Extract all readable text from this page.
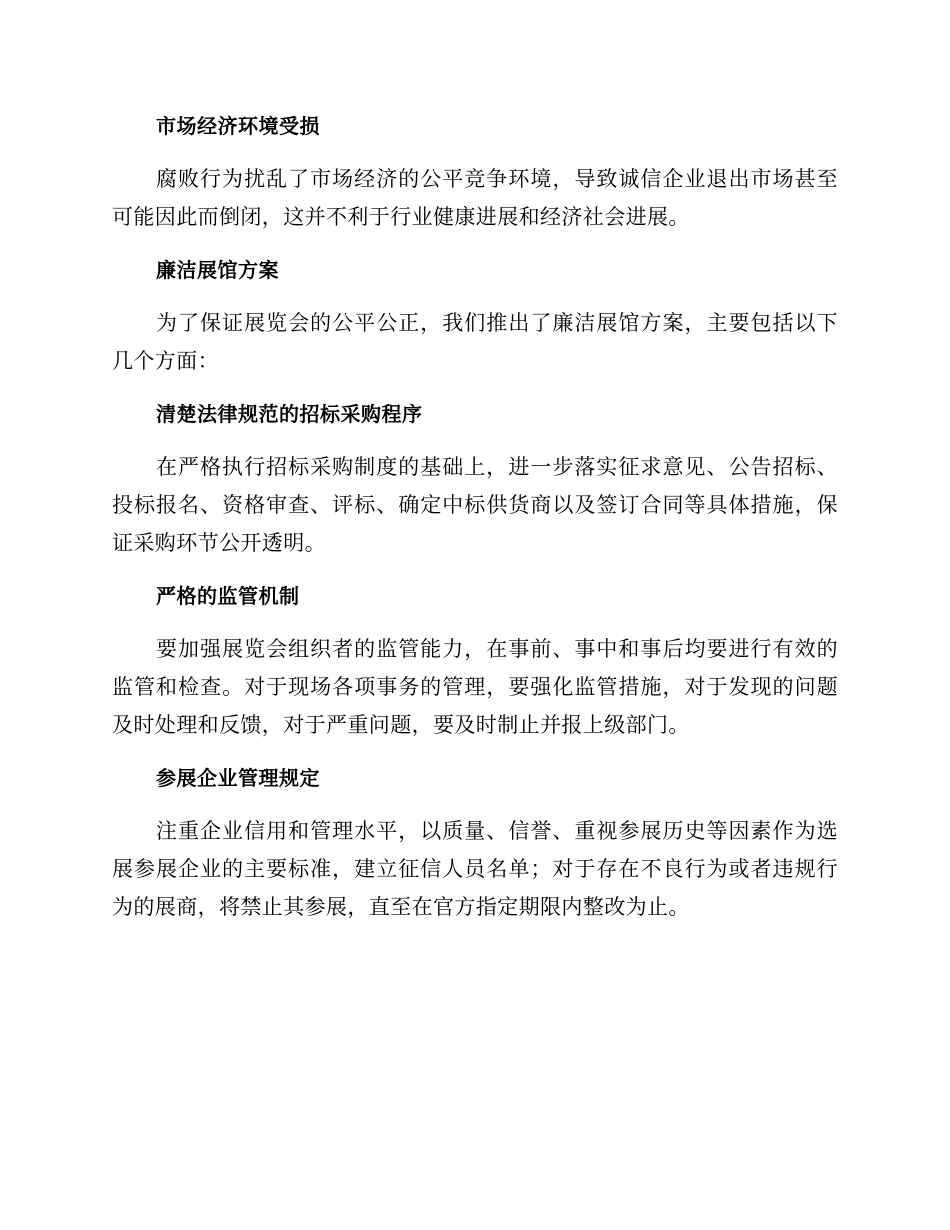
市场经济环境受损

腐败行为扰乱了市场经济的公平竞争环境，导致诚信企业退出市场甚至可能因此而倒闭，这并不利于行业健康进展和经济社会进展。

廉洁展馆方案

为了保证展览会的公平公正，我们推出了廉洁展馆方案，主要包括以下几个方面：

清楚法律规范的招标采购程序

在严格执行招标采购制度的基础上，进一步落实征求意见、公告招标、投标报名、资格审查、评标、确定中标供货商以及签订合同等具体措施，保证采购环节公开透明。

严格的监管机制

要加强展览会组织者的监管能力，在事前、事中和事后均要进行有效的监管和检查。对于现场各项事务的管理，要强化监管措施，对于发现的问题及时处理和反馈，对于严重问题，要及时制止并报上级部门。

参展企业管理规定

注重企业信用和管理水平，以质量、信誉、重视参展历史等因素作为选展参展企业的主要标准，建立征信人员名单；对于存在不良行为或者违规行为的展商，将禁止其参展，直至在官方指定期限内整改为止。
